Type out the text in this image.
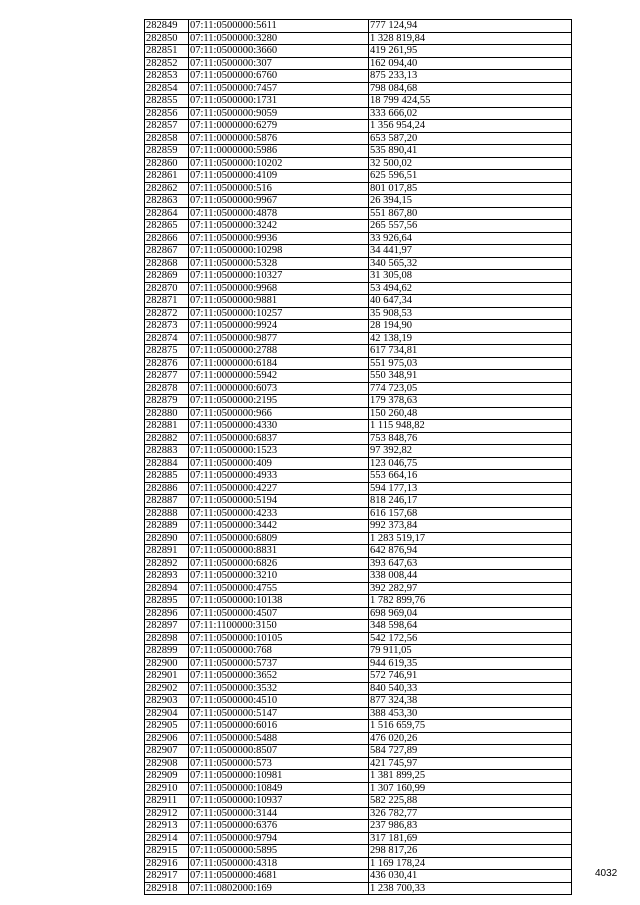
282849	07:11:0500000:5611	777 124,94
282850	07:11:0500000:3280	1 328 819,84
282851	07:11:0500000:3660	419 261,95
282852	07:11:0500000:307	162 094,40
282853	07:11:0500000:6760	875 233,13
282854	07:11:0500000:7457	798 084,68
282855	07:11:0500000:1731	18 799 424,55
282856	07:11:0500000:9059	333 666,02
282857	07:11:0000000:6279	1 356 954,24
282858	07:11:0000000:5876	653 587,20
282859	07:11:0000000:5986	535 890,41
282860	07:11:0500000:10202	32 500,02
282861	07:11:0500000:4109	625 596,51
282862	07:11:0500000:516	801 017,85
282863	07:11:0500000:9967	26 394,15
282864	07:11:0500000:4878	551 867,80
282865	07:11:0500000:3242	265 557,56
282866	07:11:0500000:9936	33 926,64
282867	07:11:0500000:10298	34 441,97
282868	07:11:0500000:5328	340 565,32
282869	07:11:0500000:10327	31 305,08
282870	07:11:0500000:9968	53 494,62
282871	07:11:0500000:9881	40 647,34
282872	07:11:0500000:10257	35 908,53
282873	07:11:0500000:9924	28 194,90
282874	07:11:0500000:9877	42 138,19
282875	07:11:0500000:2788	617 734,81
282876	07:11:0000000:6184	551 975,03
282877	07:11:0000000:5942	550 348,91
282878	07:11:0000000:6073	774 723,05
282879	07:11:0500000:2195	179 378,63
282880	07:11:0500000:966	150 260,48
282881	07:11:0500000:4330	1 115 948,82
282882	07:11:0500000:6837	753 848,76
282883	07:11:0500000:1523	97 392,82
282884	07:11:0500000:409	123 046,75
282885	07:11:0500000:4933	553 664,16
282886	07:11:0500000:4227	594 177,13
282887	07:11:0500000:5194	818 246,17
282888	07:11:0500000:4233	616 157,68
282889	07:11:0500000:3442	992 373,84
282890	07:11:0500000:6809	1 283 519,17
282891	07:11:0500000:8831	642 876,94
282892	07:11:0500000:6826	393 647,63
282893	07:11:0500000:3210	338 008,44
282894	07:11:0500000:4755	392 282,97
282895	07:11:0500000:10138	1 782 899,76
282896	07:11:0500000:4507	698 969,04
282897	07:11:1100000:3150	348 598,64
282898	07:11:0500000:10105	542 172,56
282899	07:11:0500000:768	79 911,05
282900	07:11:0500000:5737	944 619,35
282901	07:11:0500000:3652	572 746,91
282902	07:11:0500000:3532	840 540,33
282903	07:11:0500000:4510	877 324,38
282904	07:11:0500000:5147	388 453,30
282905	07:11:0500000:6016	1 516 659,75
282906	07:11:0500000:5488	476 020,26
282907	07:11:0500000:8507	584 727,89
282908	07:11:0500000:573	421 745,97
282909	07:11:0500000:10981	1 381 899,25
282910	07:11:0500000:10849	1 307 160,99
282911	07:11:0500000:10937	582 225,88
282912	07:11:0500000:3144	326 782,77
282913	07:11:0500000:6376	237 986,83
282914	07:11:0500000:9794	317 181,69
282915	07:11:0500000:5895	298 817,26
282916	07:11:0500000:4318	1 169 178,24
282917	07:11:0500000:4681	436 030,41
282918	07:11:0802000:169	1 238 700,33
4032
